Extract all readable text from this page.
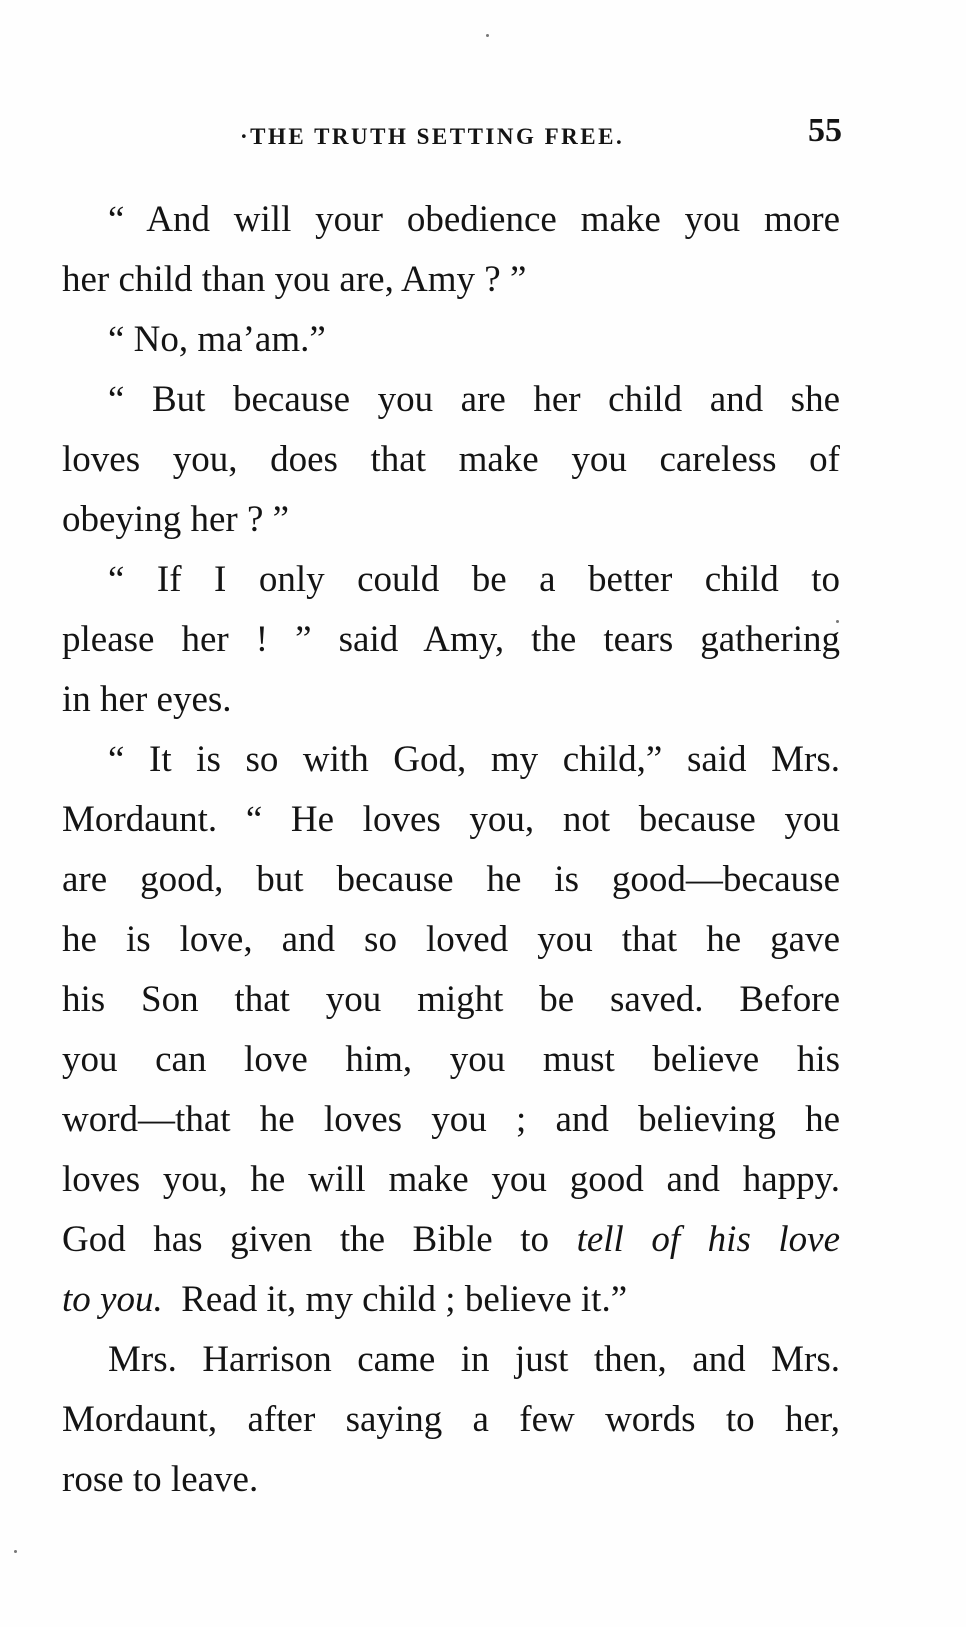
·THE TRUTH SETTING FREE.	55

“ And will your obedience make you more
her child than you are, Amy ? ”

“ No, ma’am.”

“ But because you are her child and she
loves you, does that make you careless of
obeying her ? ”

“ If I only could be a better child to
please her ! ” said Amy, the tears gathering
in her eyes.

“ It is so with God, my child,” said Mrs.
Mordaunt. “ He loves you, not because you
are good, but because he is good—because
he is love, and so loved you that he gave
his Son that you might be saved. Before
you can love him, you must believe his
word—that he loves you ; and believing he
loves you, he will make you good and happy.
God has given the Bible to tell of his love
to you.  Read it, my child ; believe it.”

Mrs. Harrison came in just then, and Mrs.
Mordaunt, after saying a few words to her,
rose to leave.
